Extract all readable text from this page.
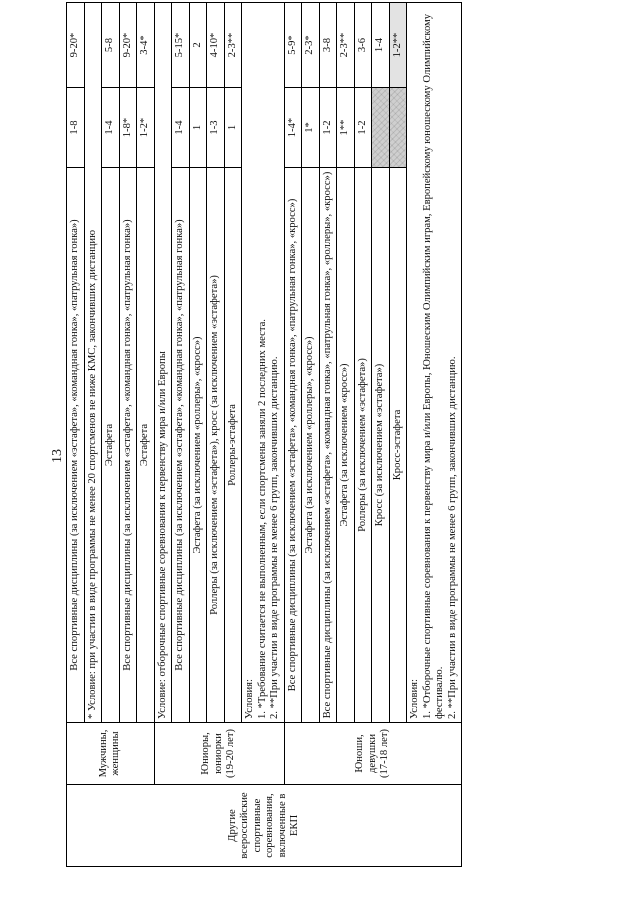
13
Другие всероссийские спортивные соревнования, включенные в ЕКП	Мужчины, женщины	Все спортивные дисциплины (за исключением «эстафета», «командная гонка», «патрульная гонка»)	1-8	9-20*
		* Условие: при участии в виде программы не менее 20 спортсменов не ниже КМС, закончивших дистанцию		
		Эстафета	1-4	5-8
		Все спортивные дисциплины (за исключением «эстафета», «командная гонка», «патрульная гонка»)	1-8*	9-20*
		Эстафета	1-2*	3-4*
	Юниоры, юниорки (19-20 лет)	Условие: отборочные спортивные соревнования к первенству мира и/или Европы		
		Все спортивные дисциплины (за исключением «эстафета», «командная гонка», «патрульная гонка»)	1-4	5-15*
		Эстафета (за исключением «роллеры», «кросс»)	1	2
		Роллеры (за исключением «эстафета»), кросс (за исключением «эстафета»)	1-3	4-10*
		Роллеры-эстафета	1	2-3**

		Условия: 1. *Требование считается не выполненным, если спортсмены заняли 2 последних места. 2. **При участии в виде программы не менее 6 групп, закончивших дистанцию.		

	Юноши, девушки (17-18 лет)	Все спортивные дисциплины (за исключением «эстафета», «командная гонка», «патрульная гонка», «кросс»)	1-4*	5-9*
		Эстафета (за исключением «роллеры», «кросс»)	1*	2-3*
		Все спортивные дисциплины (за исключением «эстафета», «командная гонка», «патрульная гонка», «роллеры», «кросс»)	1-2	3-8
		Эстафета (за исключением «кросс»)	1**	2-3**
		Роллеры (за исключением «эстафета»)	1-2	3-6
		Кросс (за исключением «эстафета»)		1-4
		Кросс-эстафета		1-2**

		Условия: 1. *Отборочные спортивные соревнования к первенству мира и/или Европы, Юношеским Олимпийским играм, Европейскому юношескому Олимпийскому фестивалю. 2. **При участии в виде программы не менее 6 групп, закончивших дистанцию.		
